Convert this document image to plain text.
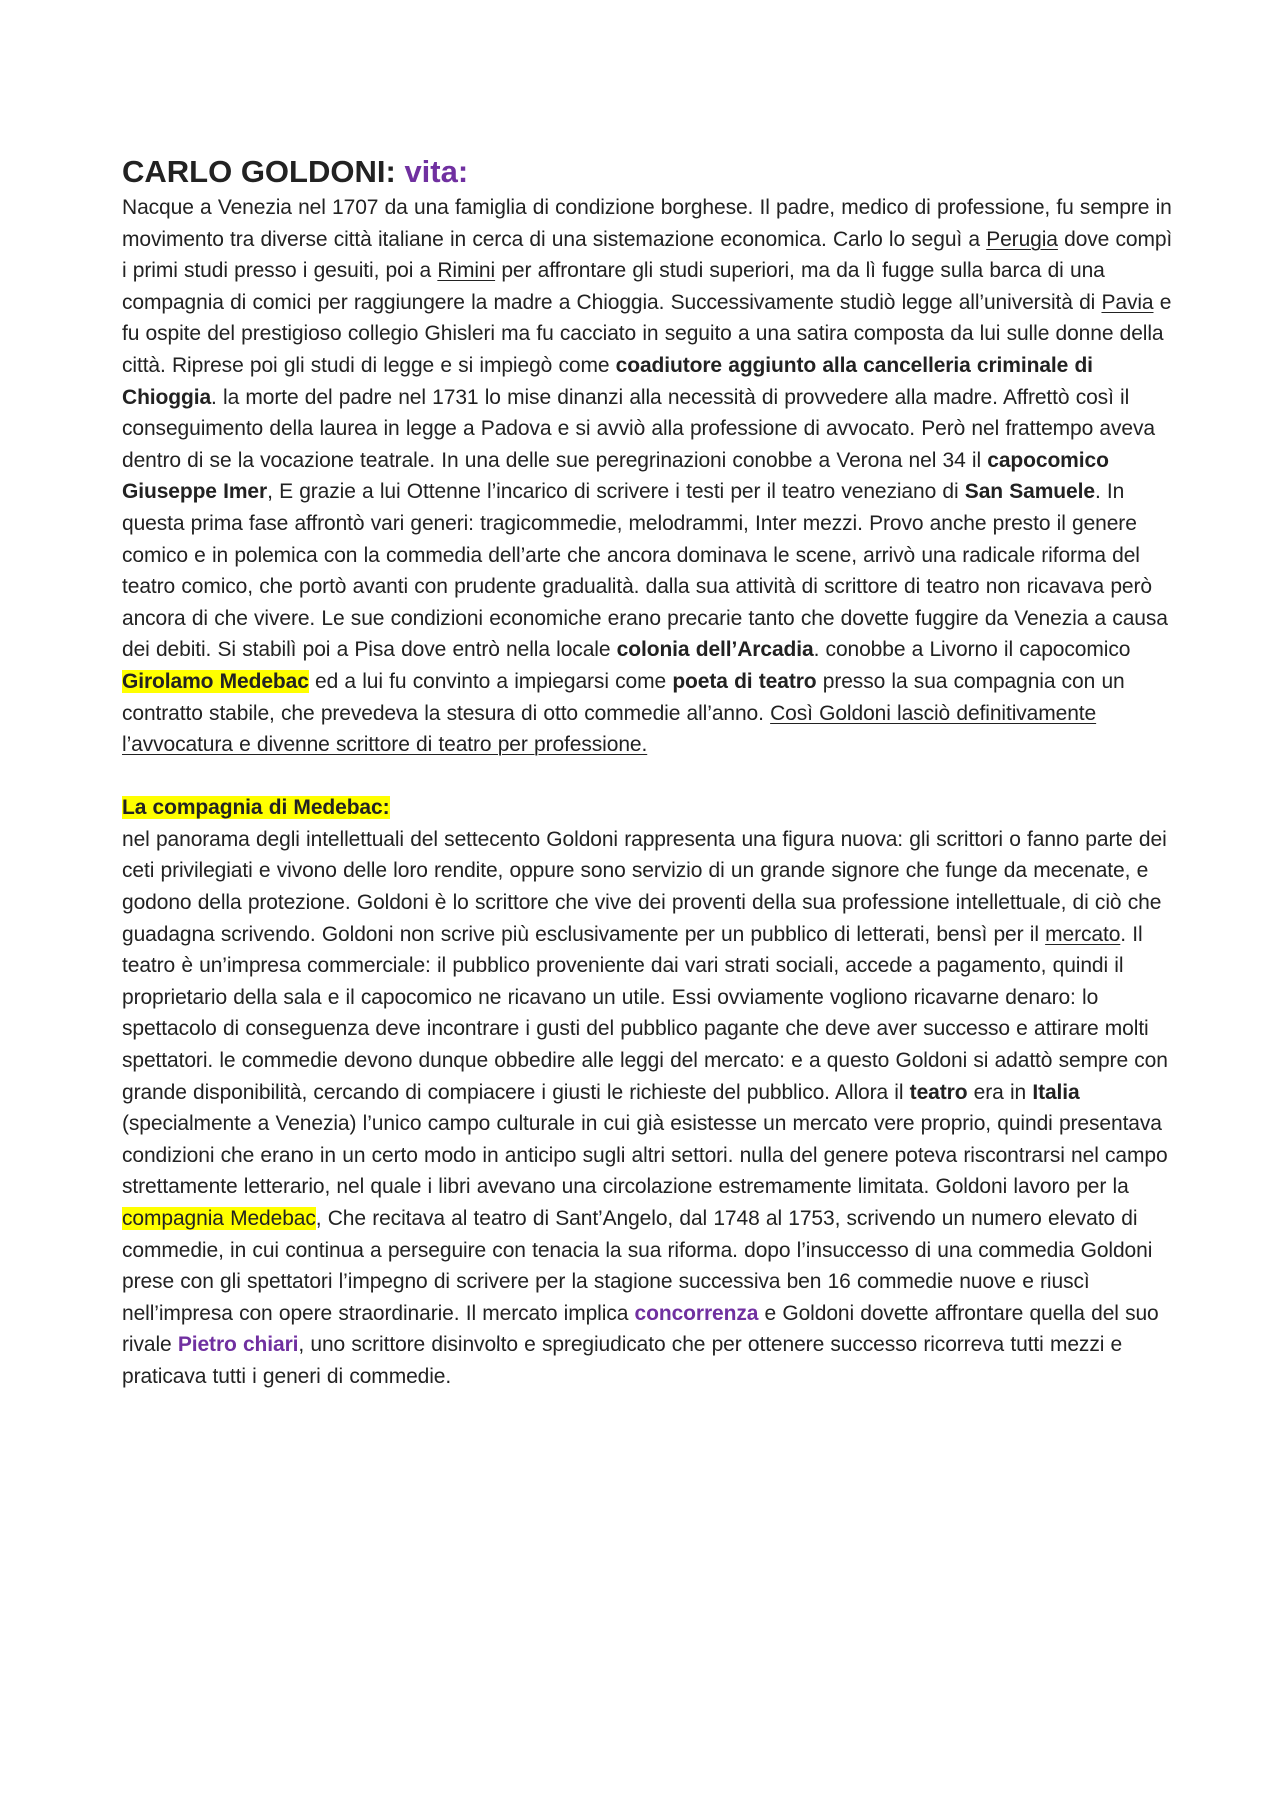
CARLO GOLDONI: vita:

Nacque a Venezia nel 1707 da una famiglia di condizione borghese. Il padre, medico di professione, fu sempre in movimento tra diverse città italiane in cerca di una sistemazione economica. Carlo lo seguì a Perugia dove compì i primi studi presso i gesuiti, poi a Rimini per affrontare gli studi superiori, ma da lì fugge sulla barca di una compagnia di comici per raggiungere la madre a Chioggia. Successivamente studiò legge all’università di Pavia e fu ospite del prestigioso collegio Ghisleri ma fu cacciato in seguito a una satira composta da lui sulle donne della città. Riprese poi gli studi di legge e si impiegò come coadiutore aggiunto alla cancelleria criminale di Chioggia. la morte del padre nel 1731 lo mise dinanzi alla necessità di provvedere alla madre. Affrettò così il conseguimento della laurea in legge a Padova e si avviò alla professione di avvocato. Però nel frattempo aveva dentro di se la vocazione teatrale. In una delle sue peregrinazioni conobbe a Verona nel 34 il capocomico Giuseppe Imer, E grazie a lui Ottenne l’incarico di scrivere i testi per il teatro veneziano di San Samuele. In questa prima fase affrontò vari generi: tragicommedie, melodrammi, Inter mezzi. Provo anche presto il genere comico e in polemica con la commedia dell’arte che ancora dominava le scene, arrivò una radicale riforma del teatro comico, che portò avanti con prudente gradualità. dalla sua attività di scrittore di teatro non ricavava però ancora di che vivere. Le sue condizioni economiche erano precarie tanto che dovette fuggire da Venezia a causa dei debiti. Si stabilì poi a Pisa dove entrò nella locale colonia dell’Arcadia. conobbe a Livorno il capocomico Girolamo Medebac ed a lui fu convinto a impiegarsi come poeta di teatro presso la sua compagnia con un contratto stabile, che prevedeva la stesura di otto commedie all’anno. Così Goldoni lasciò definitivamente l’avvocatura e divenne scrittore di teatro per professione.

La compagnia di Medebac:

nel panorama degli intellettuali del settecento Goldoni rappresenta una figura nuova: gli scrittori o fanno parte dei ceti privilegiati e vivono delle loro rendite, oppure sono servizio di un grande signore che funge da mecenate, e godono della protezione. Goldoni è lo scrittore che vive dei proventi della sua professione intellettuale, di ciò che guadagna scrivendo. Goldoni non scrive più esclusivamente per un pubblico di letterati, bensì per il mercato. Il teatro è un’impresa commerciale: il pubblico proveniente dai vari strati sociali, accede a pagamento, quindi il proprietario della sala e il capocomico ne ricavano un utile. Essi ovviamente vogliono ricavarne denaro: lo spettacolo di conseguenza deve incontrare i gusti del pubblico pagante che deve aver successo e attirare molti spettatori. le commedie devono dunque obbedire alle leggi del mercato: e a questo Goldoni si adattò sempre con grande disponibilità, cercando di compiacere i giusti le richieste del pubblico. Allora il teatro era in Italia (specialmente a Venezia) l’unico campo culturale in cui già esistesse un mercato vere proprio, quindi presentava condizioni che erano in un certo modo in anticipo sugli altri settori. nulla del genere poteva riscontrarsi nel campo strettamente letterario, nel quale i libri avevano una circolazione estremamente limitata. Goldoni lavoro per la compagnia Medebac, Che recitava al teatro di Sant’Angelo, dal 1748 al 1753, scrivendo un numero elevato di commedie, in cui continua a perseguire con tenacia la sua riforma. dopo l’insuccesso di una commedia Goldoni prese con gli spettatori l’impegno di scrivere per la stagione successiva ben 16 commedie nuove e riuscì nell’impresa con opere straordinarie. Il mercato implica concorrenza e Goldoni dovette affrontare quella del suo rivale Pietro chiari, uno scrittore disinvolto e spregiudicato che per ottenere successo ricorreva tutti mezzi e praticava tutti i generi di commedie.
